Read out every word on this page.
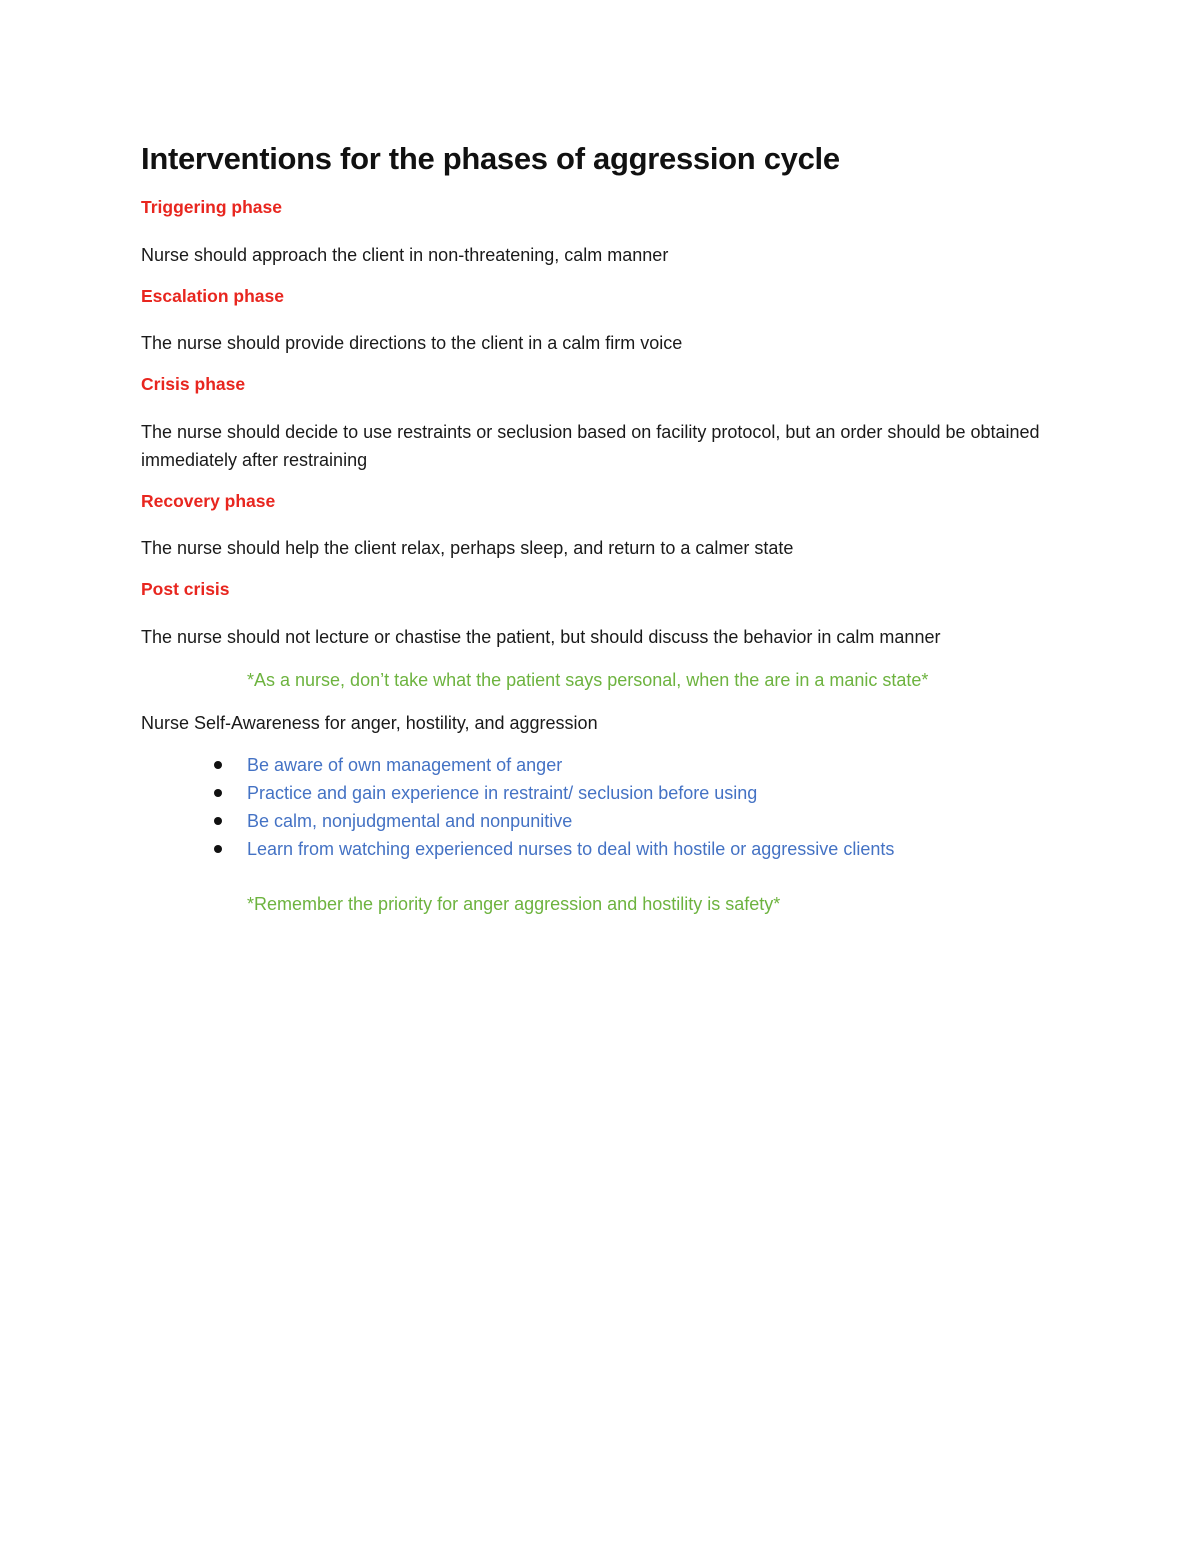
Interventions for the phases of aggression cycle
Triggering phase

Nurse should approach the client in non-threatening, calm manner

Escalation phase

The nurse should provide directions to the client in a calm firm voice

Crisis phase

The nurse should decide to use restraints or seclusion based on facility protocol, but an order should be obtained immediately after restraining

Recovery phase

The nurse should help the client relax, perhaps sleep, and return to a calmer state

Post crisis

The nurse should not lecture or chastise the patient, but should discuss the behavior in calm manner

*As a nurse, don’t take what the patient says personal, when the are in a manic state*

Nurse Self-Awareness for anger, hostility, and aggression

Be aware of own management of anger
Practice and gain experience in restraint/ seclusion before using
Be calm, nonjudgmental and nonpunitive
Learn from watching experienced nurses to deal with hostile or aggressive clients

*Remember the priority for anger aggression and hostility is safety*
